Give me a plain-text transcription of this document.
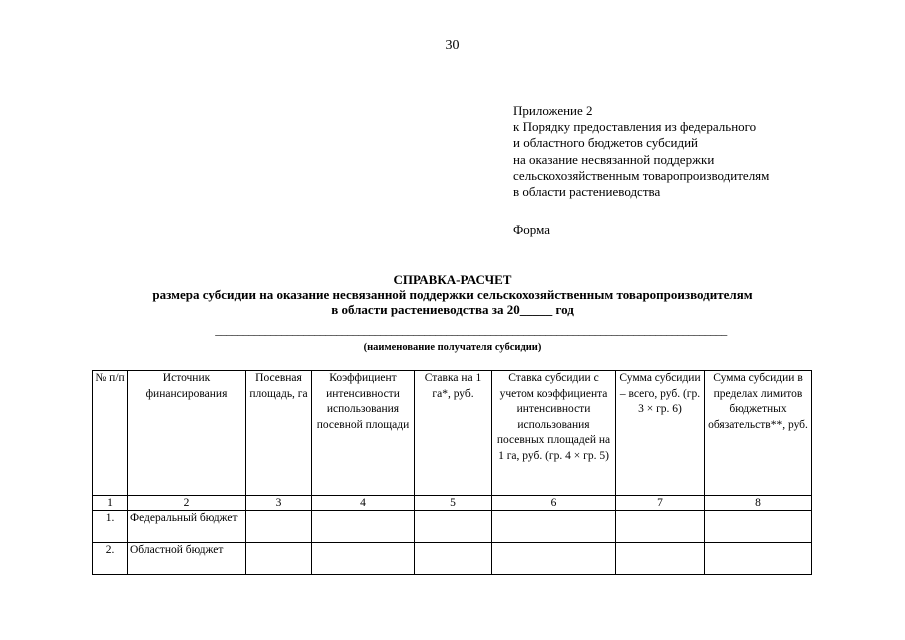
30
Приложение 2
к Порядку предоставления из федерального
и областного бюджетов субсидий
на оказание несвязанной поддержки
сельскохозяйственным товаропроизводителям
в области растениеводства
Форма
СПРАВКА-РАСЧЕТ
размера субсидии на оказание несвязанной поддержки сельскохозяйственным товаропроизводителям
в области растениеводства за 20_____ год
_____________________________________________________________________________________________
(наименование получателя субсидии)
№ п/п	Источник финансирования	Посевная площадь, га	Коэффициент интенсивности использования посевной площади	Ставка на 1 га*, руб.	Ставка субсидии с учетом коэффициента интенсивности использования посевных площадей на 1 га, руб. (гр. 4 × гр. 5)	Сумма субсидии – всего, руб. (гр. 3 × гр. 6)	Сумма субсидии в пределах лимитов бюджетных обязательств**, руб.
1	2	3	4	5	6	7	8
1.	Федеральный бюджет						
2.	Областной бюджет						
